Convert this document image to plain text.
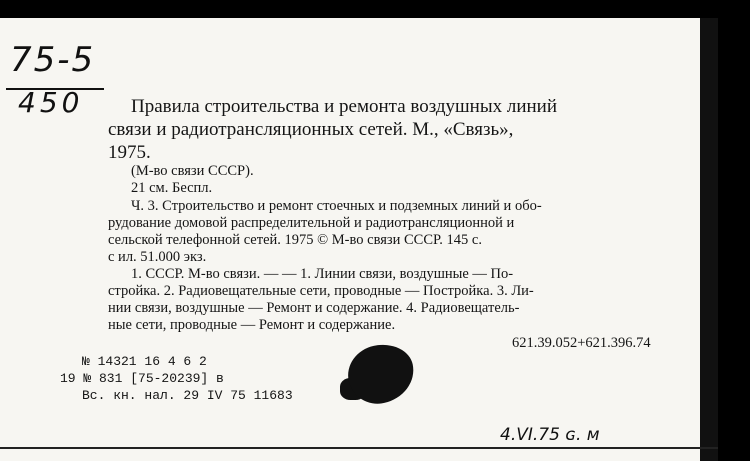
75-5
450	Правила строительства и ремонта воздушных линий
связи и радиотрансляционных сетей. М., «Связь»,
1975.
(М-во связи СССР).
21 см. Беспл.
Ч. 3. Строительство и ремонт стоечных и подземных линий и обо-
рудование домовой распределительной и радиотрансляционной и
сельской телефонной сетей. 1975 © М-во связи СССР. 145 с.
с ил. 51.000 экз.
1. СССР. М-во связи. — — 1. Линии связи, воздушные — По-
стройка. 2. Радиовещательные сети, проводные — Постройка. 3. Ли-
нии связи, воздушные — Ремонт и содержание. 4. Радиовещатель-
ные сети, проводные — Ремонт и содержание.
621.39.052+621.396.74
№ 14321 16 4 6 2
19 № 831 [75-20239] в
Вс. кн. нал. 29 IV 75 11683
4.VI.75 ɢ. ᴍ
